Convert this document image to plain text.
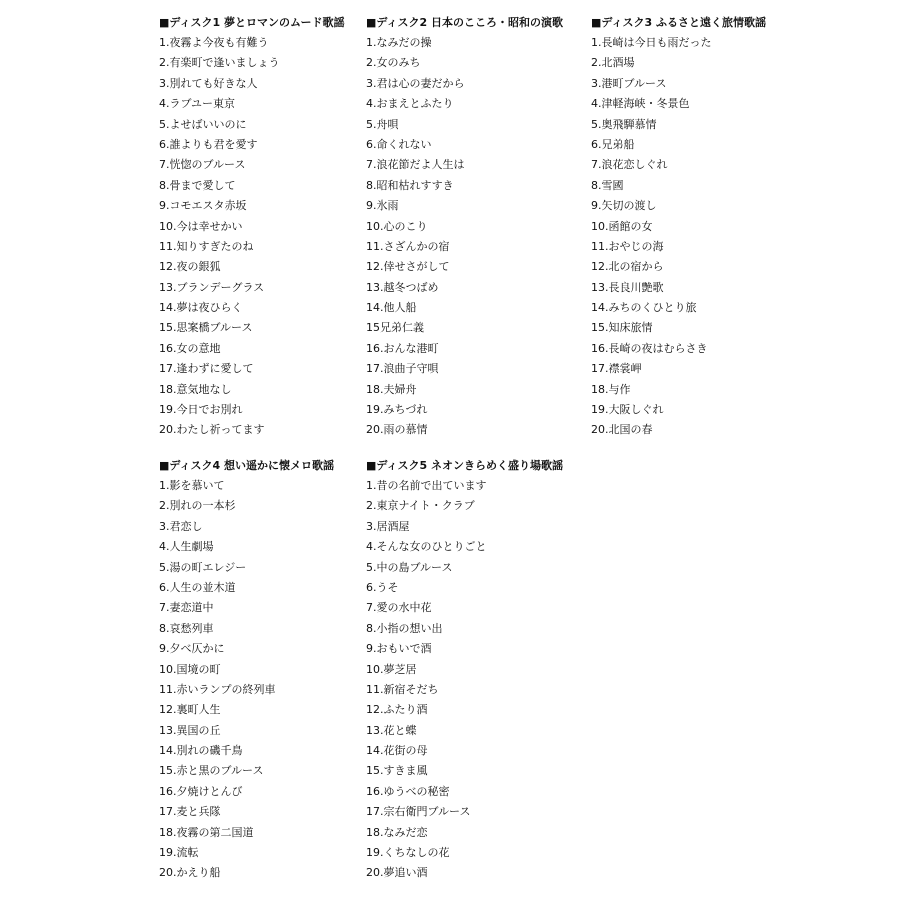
■ディスク1 夢とロマンのムード歌謡
1.夜霧よ今夜も有難う
2.有楽町で逢いましょう
3.別れても好きな人
4.ラブユー東京
5.よせばいいのに
6.誰よりも君を愛す
7.恍惚のブルース
8.骨まで愛して
9.コモエスタ赤坂
10.今は幸せかい
11.知りすぎたのね
12.夜の銀狐
13.ブランデーグラス
14.夢は夜ひらく
15.思案橋ブルース
16.女の意地
17.逢わずに愛して
18.意気地なし
19.今日でお別れ
20.わたし祈ってます
■ディスク2 日本のこころ・昭和の演歌
1.なみだの操
2.女のみち
3.君は心の妻だから
4.おまえとふたり
5.舟唄
6.命くれない
7.浪花節だよ人生は
8.昭和枯れすすき
9.氷雨
10.心のこり
11.さざんかの宿
12.倖せさがして
13.越冬つばめ
14.他人船
15兄弟仁義
16.おんな港町
17.浪曲子守唄
18.夫婦舟
19.みちづれ
20.雨の慕情
■ディスク3 ふるさと遠く旅情歌謡
1.長崎は今日も雨だった
2.北酒場
3.港町ブルース
4.津軽海峡・冬景色
5.奥飛騨慕情
6.兄弟船
7.浪花恋しぐれ
8.雪國
9.矢切の渡し
10.函館の女
11.おやじの海
12.北の宿から
13.長良川艶歌
14.みちのくひとり旅
15.知床旅情
16.長崎の夜はむらさき
17.襟裳岬
18.与作
19.大阪しぐれ
20.北国の春
■ディスク4 想い遥かに懐メロ歌謡
1.影を慕いて
2.別れの一本杉
3.君恋し
4.人生劇場
5.湯の町エレジー
6.人生の並木道
7.妻恋道中
8.哀愁列車
9.夕べ仄かに
10.国境の町
11.赤いランプの終列車
12.裏町人生
13.異国の丘
14.別れの磯千鳥
15.赤と黒のブルース
16.夕焼けとんび
17.麦と兵隊
18.夜霧の第二国道
19.流転
20.かえり船
■ディスク5 ネオンきらめく盛り場歌謡
1.昔の名前で出ています
2.東京ナイト・クラブ
3.居酒屋
4.そんな女のひとりごと
5.中の島ブルース
6.うそ
7.愛の水中花
8.小指の想い出
9.おもいで酒
10.夢芝居
11.新宿そだち
12.ふたり酒
13.花と蝶
14.花街の母
15.すきま風
16.ゆうべの秘密
17.宗右衛門ブルース
18.なみだ恋
19.くちなしの花
20.夢追い酒
